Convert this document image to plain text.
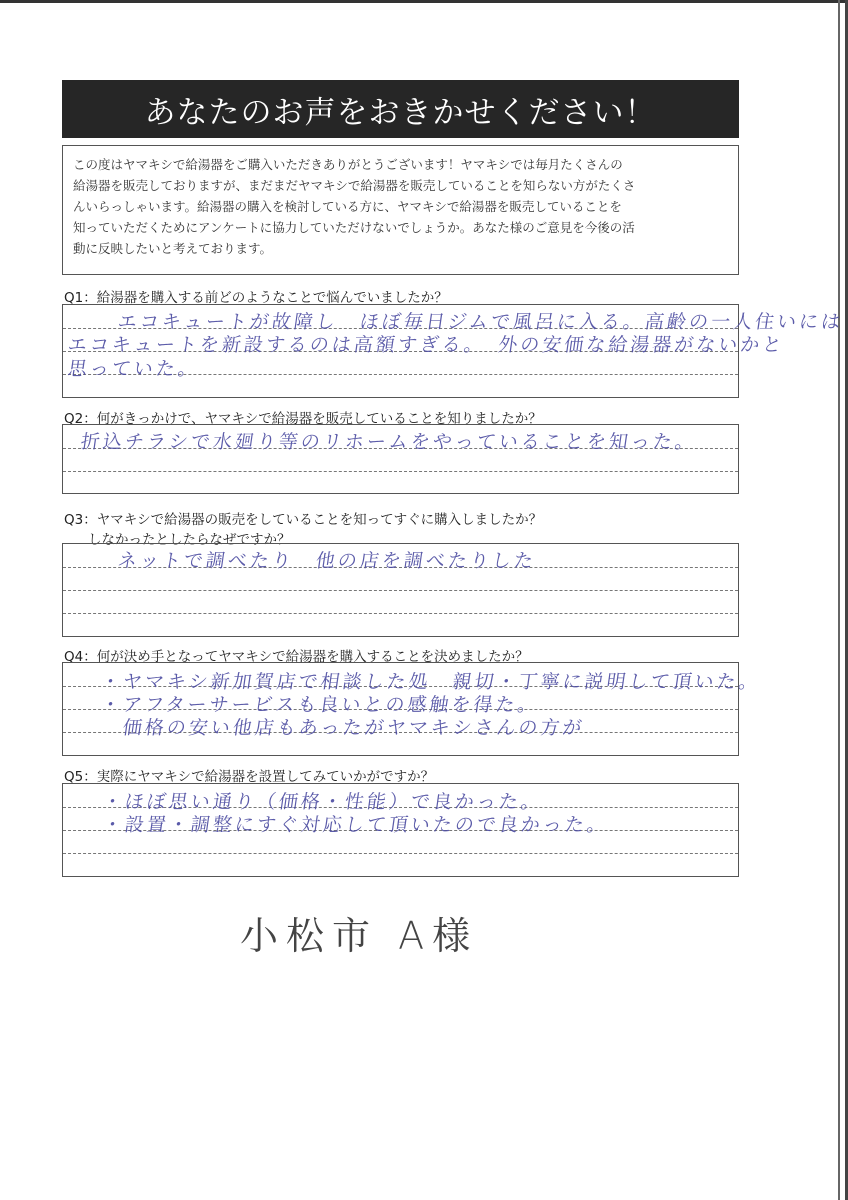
あなたのお声をおきかせください！
この度はヤマキシで給湯器をご購入いただきありがとうございます！ヤマキシでは毎月たくさんの
給湯器を販売しておりますが、まだまだヤマキシで給湯器を販売していることを知らない方がたくさ
んいらっしゃいます。給湯器の購入を検討している方に、ヤマキシで給湯器を販売していることを
知っていただくためにアンケートに協力していただけないでしょうか。あなた様のご意見を今後の活
動に反映したいと考えております。
Q1：給湯器を購入する前どのようなことで悩んでいましたか？
エコキュートが故障し　ほぼ毎日ジムで風呂に入る。高齢の一人住いには
エコキュートを新設するのは高額すぎる。　外の安価な給湯器がないかと
思っていた。
Q2：何がきっかけで、ヤマキシで給湯器を販売していることを知りましたか？
折込チラシで水廻り等のリホームをやっていることを知った。
Q3：ヤマキシで給湯器の販売をしていることを知ってすぐに購入しましたか？
しなかったとしたらなぜですか？
ネットで調べたり　他の店を調べたりした
Q4：何が決め手となってヤマキシで給湯器を購入することを決めましたか？
・ヤマキシ新加賀店で相談した処　親切・丁寧に説明して頂いた。
・アフターサービスも良いとの感触を得た。
　価格の安い他店もあったがヤマキシさんの方が
Q5：実際にヤマキシで給湯器を設置してみていかがですか？
・ほぼ思い通り（価格・性能）で良かった。
・設置・調整にすぐ対応して頂いたので良かった。
小松市 A様
